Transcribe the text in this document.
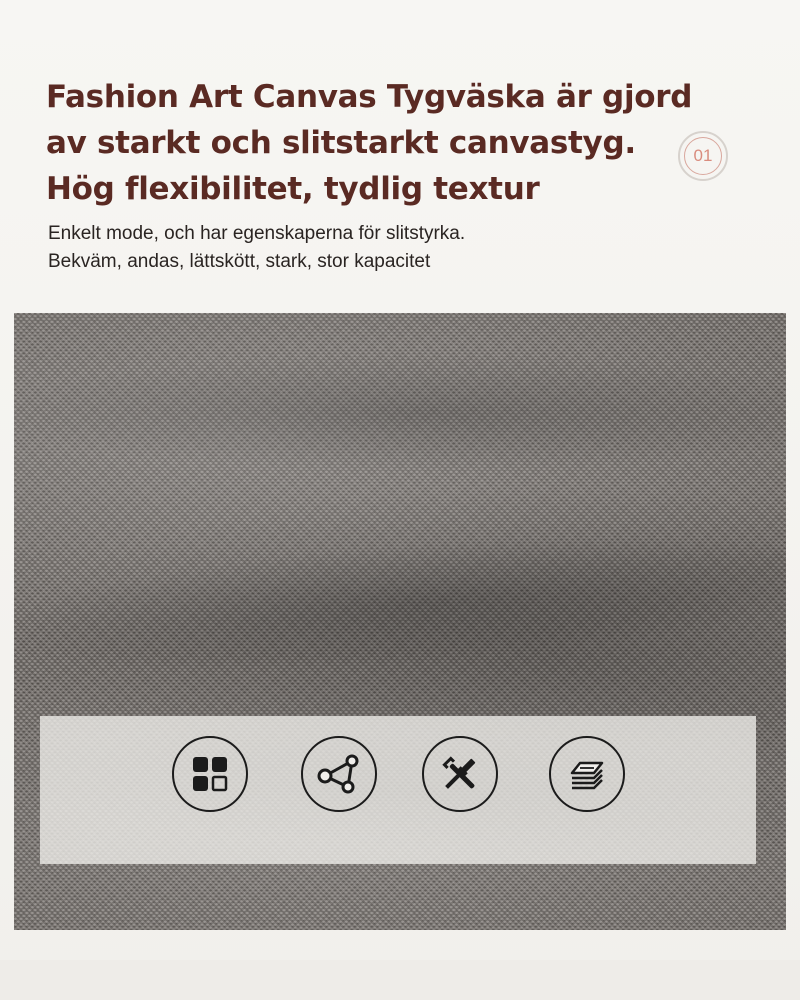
Fashion Art Canvas Tygväska är gjord
av starkt och slitstarkt canvastyg.
Hög flexibilitet, tydlig textur
01
Enkelt mode, och har egenskaperna för slitstyrka.
Bekväm, andas, lättskött, stark, stor kapacitet
